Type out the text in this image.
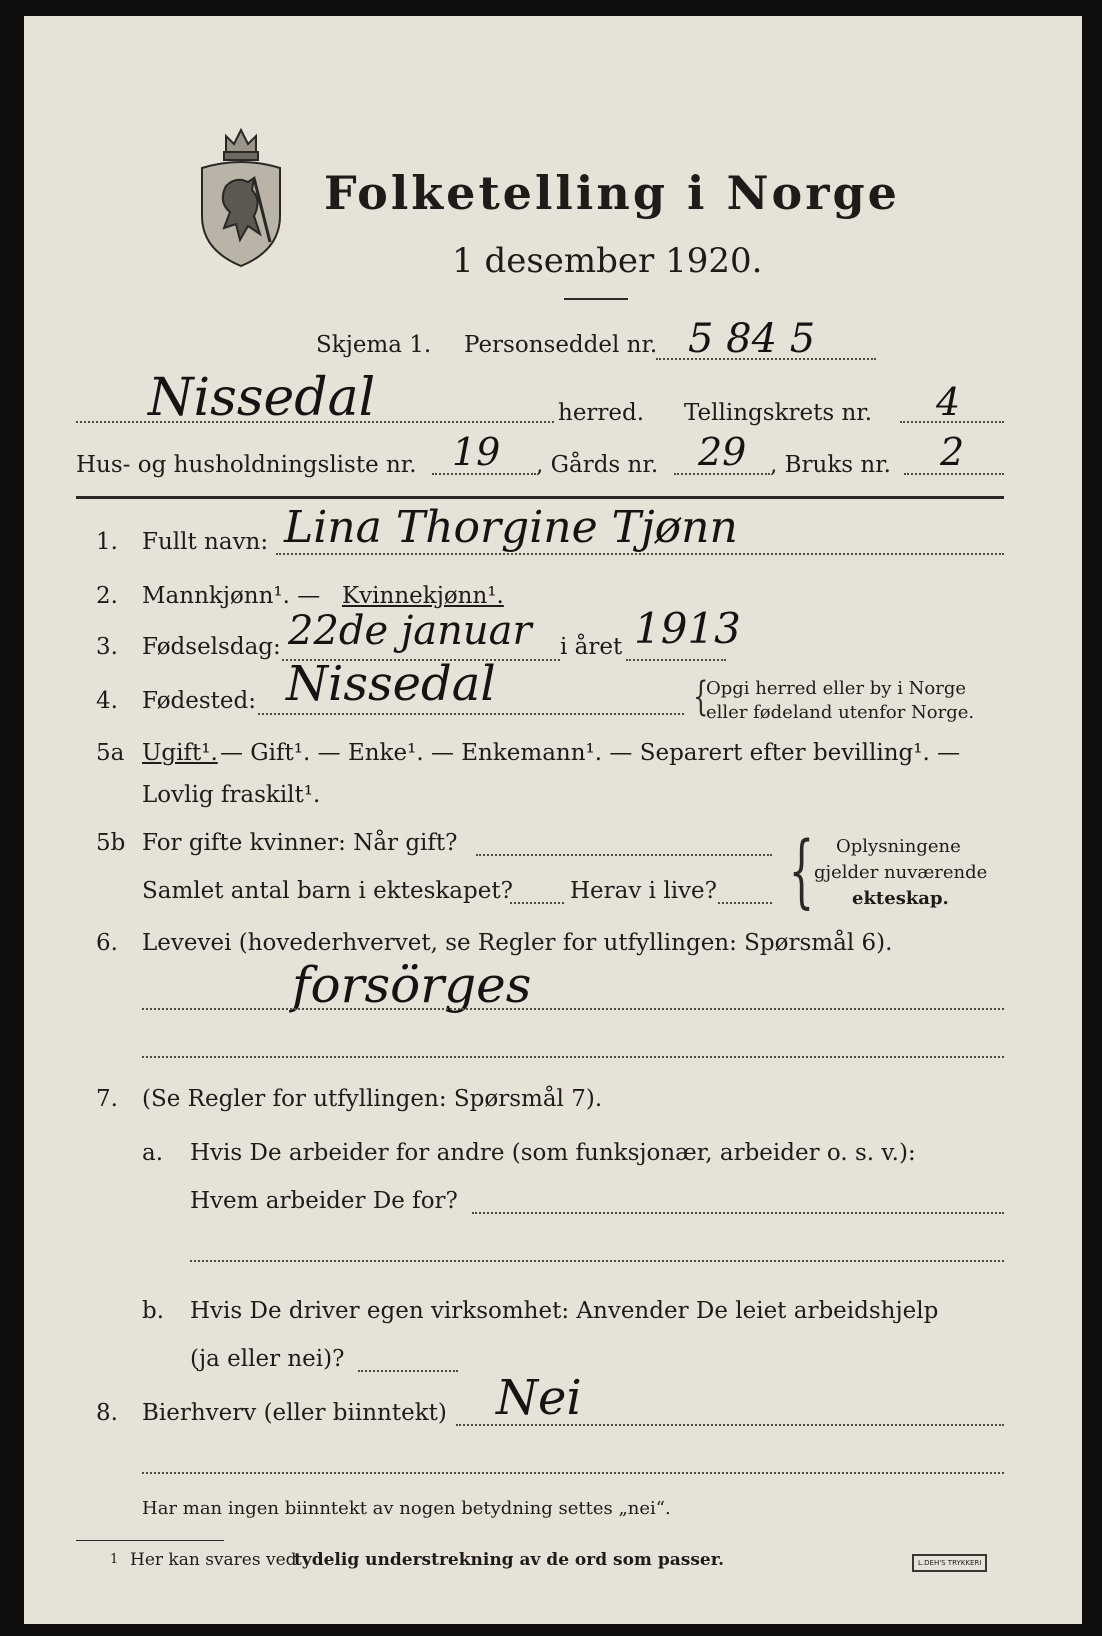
Folketelling i Norge
1 desember 1920.
Skjema 1. Personseddel nr. 5 84 5
Nissedal	herred. Tellingskrets nr. 4
Hus- og husholdningsliste nr. 19 , Gårds nr. 29 , Bruks nr. 2
1. Fullt navn: Lina Thorgine Tjønn
2. Mannkjønn¹. — Kvinnekjønn¹.
3. Fødselsdag: 22de januar i året 1913
4. Fødested: Nissedal	{
Opgi herred eller by i Norge
eller fødeland utenfor Norge.
5a Ugift¹. — Gift¹. — Enke¹. — Enkemann¹. — Separert efter bevilling¹. —
Lovlig fraskilt¹.
5b For gifte kvinner: Når gift?
Samlet antal barn i ekteskapet? Herav i live? { Oplysningene
gjelder nuværende
ekteskap.
6. Levevei (hovederhvervet, se Regler for utfyllingen: Spørsmål 6).
forsörges
7. (Se Regler for utfyllingen: Spørsmål 7).
a. Hvis De arbeider for andre (som funksjonær, arbeider o. s. v.):
Hvem arbeider De for?
b. Hvis De driver egen virksomhet: Anvender De leiet arbeidshjelp
(ja eller nei)?
8. Bierhverv (eller biinntekt) Nei
Har man ingen biinntekt av nogen betydning settes „nei“.
1 Her kan svares ved
tydelig understrekning av de ord som passer.	L.DEH'S TRYKKERI
